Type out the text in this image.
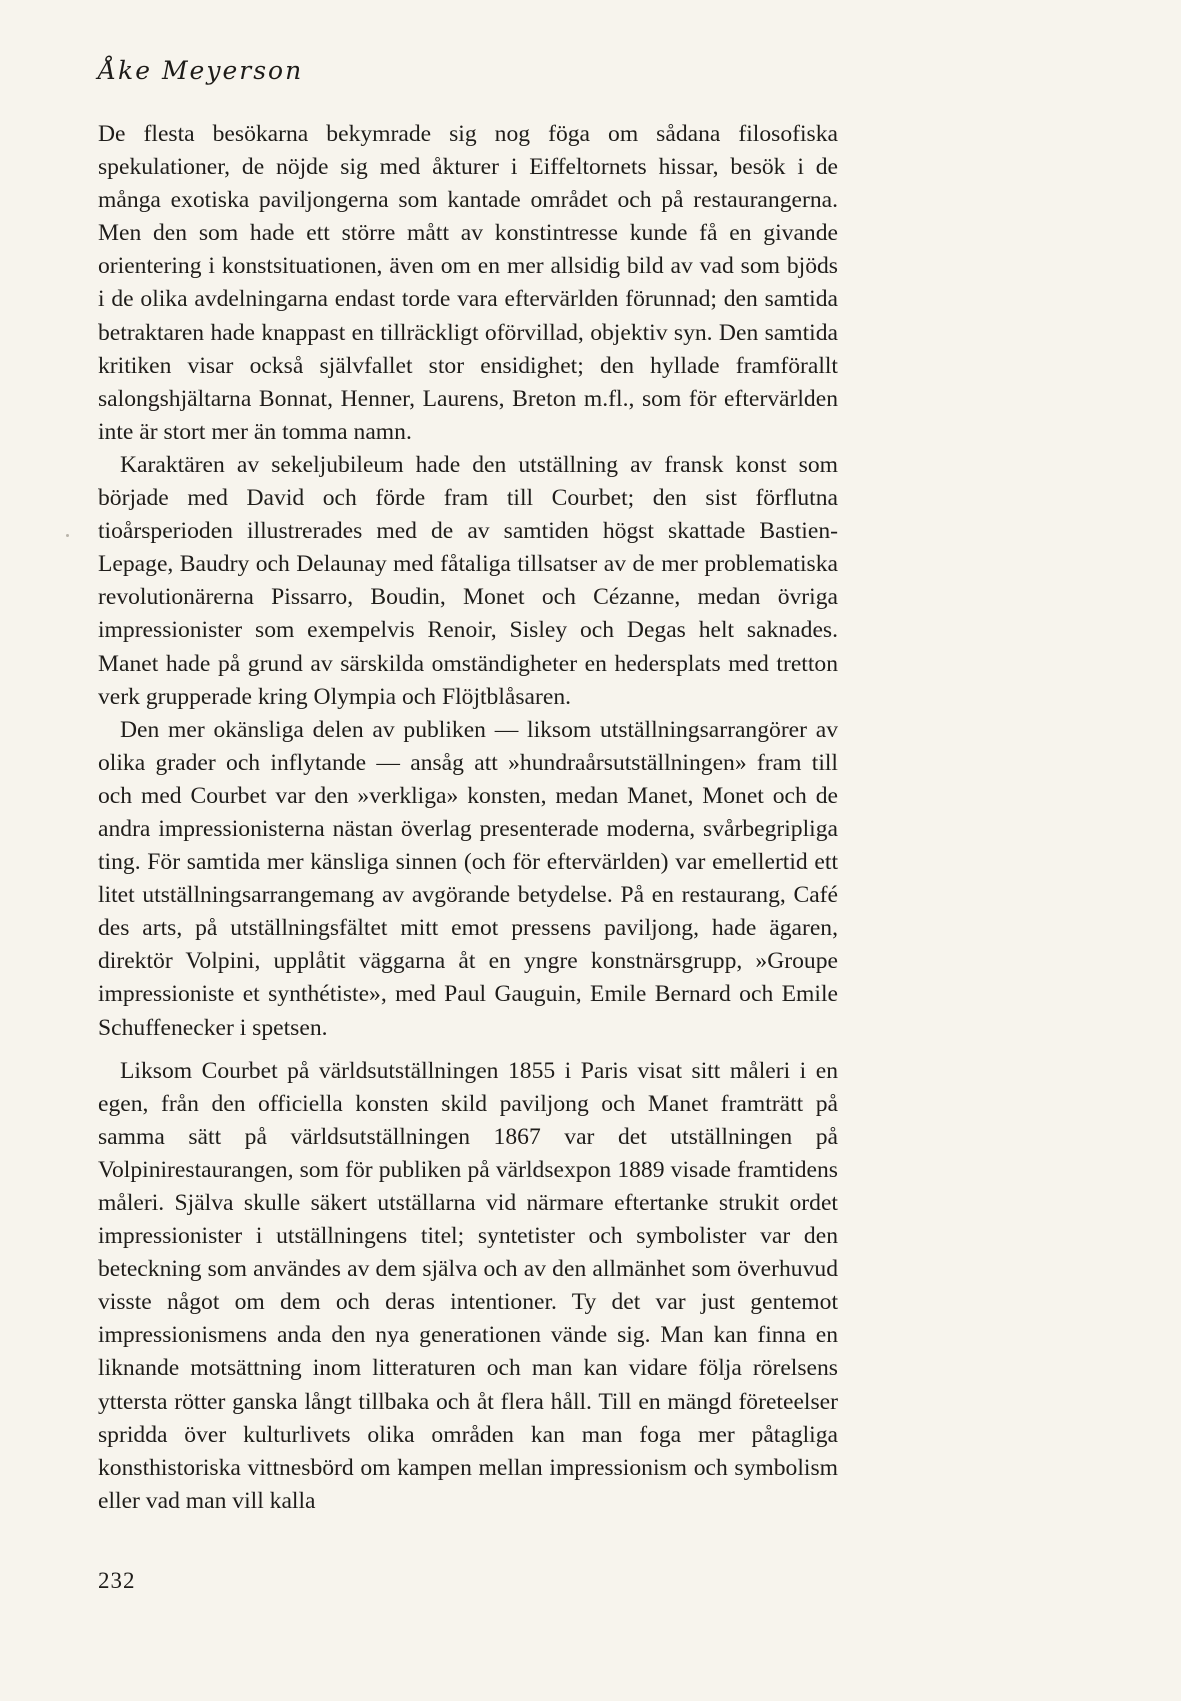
Åke Meyerson

De flesta besökarna bekymrade sig nog föga om sådana filosofiska spekulationer, de nöjde sig med åkturer i Eiffeltornets hissar, besök i de många exotiska paviljongerna som kantade området och på restaurangerna. Men den som hade ett större mått av konstintresse kunde få en givande orientering i konstsituationen, även om en mer allsidig bild av vad som bjöds i de olika avdelningarna endast torde vara eftervärlden förunnad; den samtida betraktaren hade knappast en tillräckligt oförvillad, objektiv syn. Den samtida kritiken visar också självfallet stor ensidighet; den hyllade framförallt salongshjältarna Bonnat, Henner, Laurens, Breton m.fl., som för eftervärlden inte är stort mer än tomma namn.

Karaktären av sekeljubileum hade den utställning av fransk konst som började med David och förde fram till Courbet; den sist förflutna tioårsperioden illustrerades med de av samtiden högst skattade Bastien-Lepage, Baudry och Delaunay med fåtaliga tillsatser av de mer problematiska revolutionärerna Pissarro, Boudin, Monet och Cézanne, medan övriga impressionister som exempelvis Renoir, Sisley och Degas helt saknades. Manet hade på grund av särskilda omständigheter en hedersplats med tretton verk grupperade kring Olympia och Flöjtblåsaren.

Den mer okänsliga delen av publiken — liksom utställningsarrangörer av olika grader och inflytande — ansåg att »hundraårsutställningen» fram till och med Courbet var den »verkliga» konsten, medan Manet, Monet och de andra impressionisterna nästan överlag presenterade moderna, svårbegripliga ting. För samtida mer känsliga sinnen (och för eftervärlden) var emellertid ett litet utställningsarrangemang av avgörande betydelse. På en restaurang, Café des arts, på utställningsfältet mitt emot pressens paviljong, hade ägaren, direktör Volpini, upplåtit väggarna åt en yngre konstnärsgrupp, »Groupe impressioniste et synthétiste», med Paul Gauguin, Emile Bernard och Emile Schuffenecker i spetsen.

Liksom Courbet på världsutställningen 1855 i Paris visat sitt måleri i en egen, från den officiella konsten skild paviljong och Manet framträtt på samma sätt på världsutställningen 1867 var det utställningen på Volpinirestaurangen, som för publiken på världsexpon 1889 visade framtidens måleri. Själva skulle säkert utställarna vid närmare eftertanke strukit ordet impressionister i utställningens titel; syntetister och symbolister var den beteckning som användes av dem själva och av den allmänhet som överhuvud visste något om dem och deras intentioner. Ty det var just gentemot impressionismens anda den nya generationen vände sig. Man kan finna en liknande motsättning inom litteraturen och man kan vidare följa rörelsens yttersta rötter ganska långt tillbaka och åt flera håll. Till en mängd företeelser spridda över kulturlivets olika områden kan man foga mer påtagliga konsthistoriska vittnesbörd om kampen mellan impressionism och symbolism eller vad man vill kalla

232
